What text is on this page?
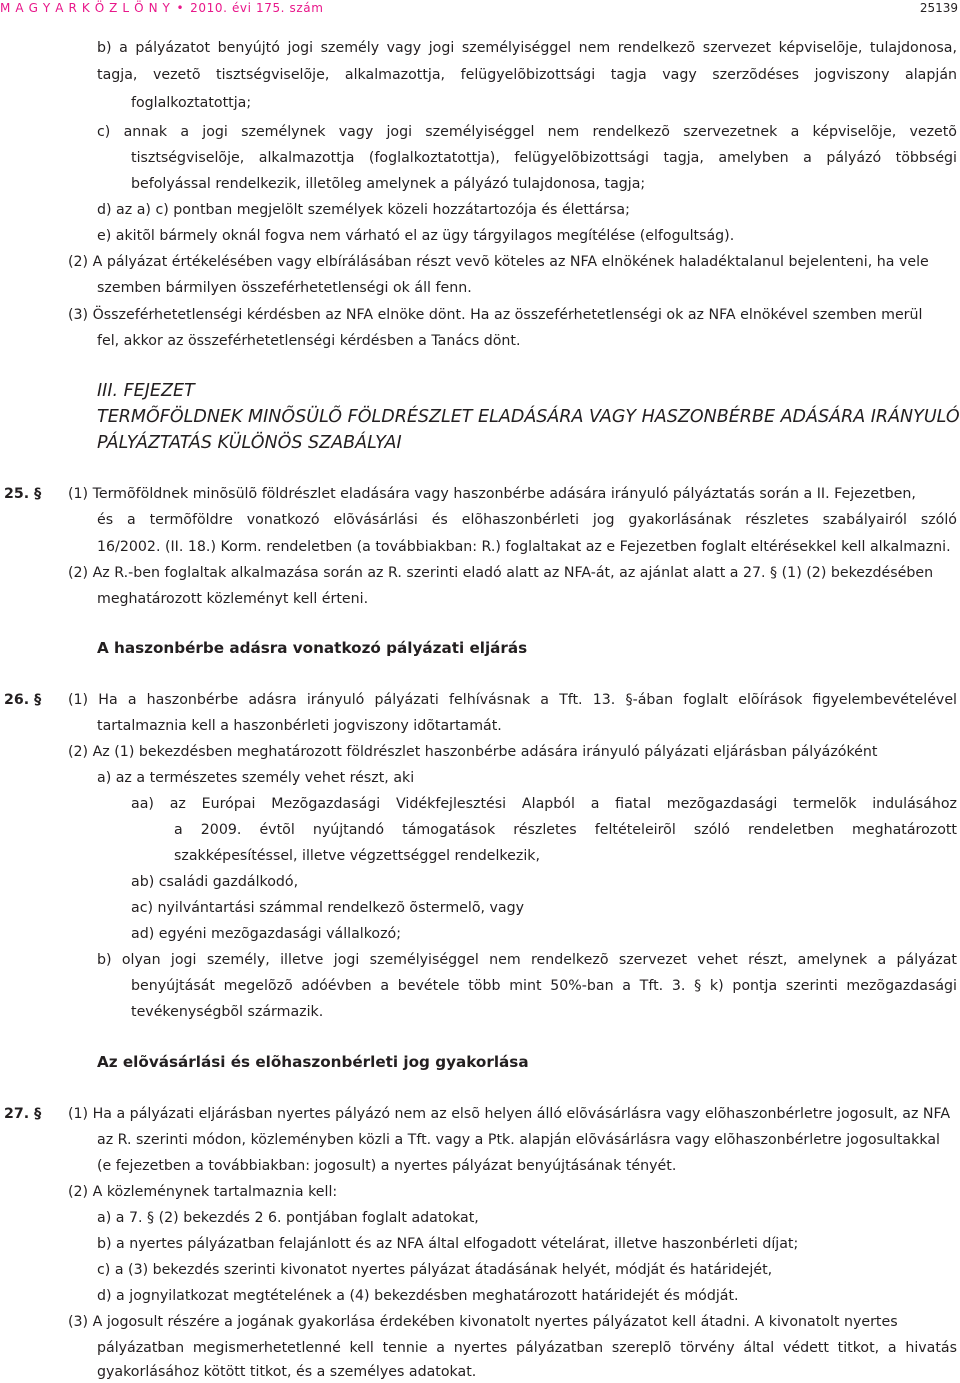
M A G Y A R K Ö Z L Ö N Y • 2010. évi 175. szám	25139
b) a pályázatot benyújtó jogi személy vagy jogi személyiséggel nem rendelkezõ szervezet képviselõje, tulajdonosa,
tagja, vezetõ tisztségviselõje, alkalmazottja, felügyelõbizottsági tagja vagy szerzõdéses jogviszony alapján
foglalkoztatottja;
c) annak a jogi személynek vagy jogi személyiséggel nem rendelkezõ szervezetnek a képviselõje, vezetõ
tisztségviselõje, alkalmazottja (foglalkoztatottja), felügyelõbizottsági tagja, amelyben a pályázó többségi
befolyással rendelkezik, illetõleg amelynek a pályázó tulajdonosa, tagja;
d) az a) c) pontban megjelölt személyek közeli hozzátartozója és élettársa;
e) akitõl bármely oknál fogva nem várható el az ügy tárgyilagos megítélése (elfogultság).
(2) A pályázat értékelésében vagy elbírálásában részt vevõ köteles az NFA elnökének haladéktalanul bejelenteni, ha vele
szemben bármilyen összeférhetetlenségi ok áll fenn.
(3) Összeférhetetlenségi kérdésben az NFA elnöke dönt. Ha az összeférhetetlenségi ok az NFA elnökével szemben merül
fel, akkor az összeférhetetlenségi kérdésben a Tanács dönt.
III. FEJEZET
TERMÕFÖLDNEK MINÕSÜLÕ FÖLDRÉSZLET ELADÁSÁRA VAGY HASZONBÉRBE ADÁSÁRA IRÁNYULÓ
PÁLYÁZTATÁS KÜLÖNÖS SZABÁLYAI
25. § (1) Termõföldnek minõsülõ földrészlet eladására vagy haszonbérbe adására irányuló pályáztatás során a II. Fejezetben,
és a termõföldre vonatkozó elõvásárlási és elõhaszonbérleti jog gyakorlásának részletes szabályairól szóló
16/2002. (II. 18.) Korm. rendeletben (a továbbiakban: R.) foglaltakat az e Fejezetben foglalt eltérésekkel kell alkalmazni.
(2) Az R.-ben foglaltak alkalmazása során az R. szerinti eladó alatt az NFA-át, az ajánlat alatt a 27. § (1) (2) bekezdésében
meghatározott közleményt kell érteni.
A haszonbérbe adásra vonatkozó pályázati eljárás
26. § (1) Ha a haszonbérbe adásra irányuló pályázati felhívásnak a Tft. 13. §-ában foglalt elõírások figyelembevételével
tartalmaznia kell a haszonbérleti jogviszony idõtartamát.
(2) Az (1) bekezdésben meghatározott földrészlet haszonbérbe adására irányuló pályázati eljárásban pályázóként
a) az a természetes személy vehet részt, aki
aa) az Európai Mezõgazdasági Vidékfejlesztési Alapból a fiatal mezõgazdasági termelõk indulásához
a 2009. évtõl nyújtandó támogatások részletes feltételeirõl szóló rendeletben meghatározott
szakképesítéssel, illetve végzettséggel rendelkezik,
ab) családi gazdálkodó,
ac) nyilvántartási számmal rendelkezõ õstermelõ, vagy
ad) egyéni mezõgazdasági vállalkozó;
b) olyan jogi személy, illetve jogi személyiséggel nem rendelkezõ szervezet vehet részt, amelynek a pályázat
benyújtását megelõzõ adóévben a bevétele több mint 50%-ban a Tft. 3. § k) pontja szerinti mezõgazdasági
tevékenységbõl származik.
Az elõvásárlási és elõhaszonbérleti jog gyakorlása
27. § (1) Ha a pályázati eljárásban nyertes pályázó nem az elsõ helyen álló elõvásárlásra vagy elõhaszonbérletre jogosult, az NFA
az R. szerinti módon, közleményben közli a Tft. vagy a Ptk. alapján elõvásárlásra vagy elõhaszonbérletre jogosultakkal
(e fejezetben a továbbiakban: jogosult) a nyertes pályázat benyújtásának tényét.
(2) A közleménynek tartalmaznia kell:
a) a 7. § (2) bekezdés 2 6. pontjában foglalt adatokat,
b) a nyertes pályázatban felajánlott és az NFA által elfogadott vételárat, illetve haszonbérleti díjat;
c) a (3) bekezdés szerinti kivonatot nyertes pályázat átadásának helyét, módját és határidejét,
d) a jognyilatkozat megtételének a (4) bekezdésben meghatározott határidejét és módját.
(3) A jogosult részére a jogának gyakorlása érdekében kivonatolt nyertes pályázatot kell átadni. A kivonatolt nyertes
pályázatban megismerhetetlenné kell tennie a nyertes pályázatban szereplõ törvény által védett titkot, a hivatás
gyakorlásához kötött titkot, és a személyes adatokat.
